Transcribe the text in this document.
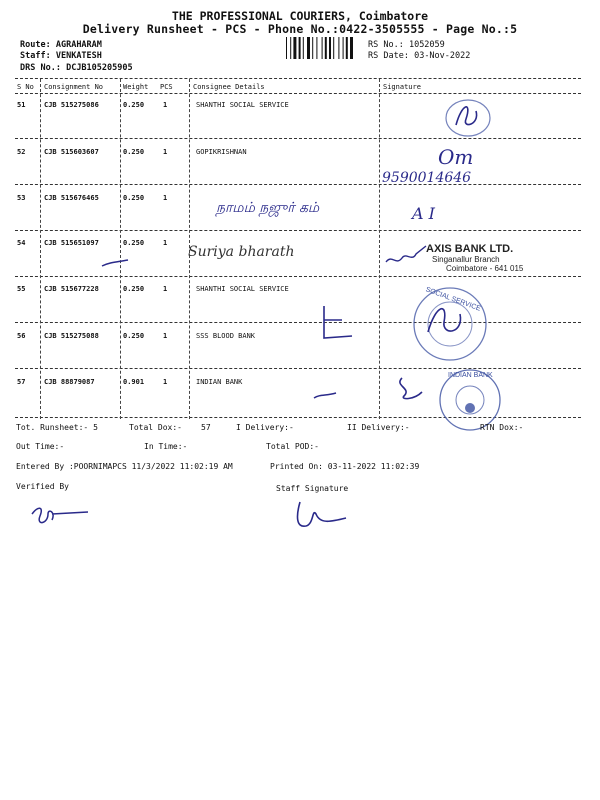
THE PROFESSIONAL COURIERS, Coimbatore
Delivery Runsheet - PCS - Phone No.:0422-3505555 - Page No.:5
Route: AGRAHARAM
Staff: VENKATESH
DRS No.: DCJB105205905
RS No.: 1052059
RS Date: 03-Nov-2022
S No Consignment No	Weight PCS	Consignee Details	Signature
51	CJB 515275086	0.250	1	SHANTHI SOCIAL SERVICE
52	CJB 515603607	0.250	1	GOPIKRISHNAN
53	CJB 515676465	0.250	1
54	CJB 515651097	0.250	1
55	CJB 515677228	0.250	1	SHANTHI SOCIAL SERVICE
56	CJB 515275088	0.250	1	SSS BLOOD BANK
57	CJB 88879087	0.901	1	INDIAN BANK
Om
9590014646
நாமம் நஜுர் கம்	A I
Suriya bharath	AXIS BANK LTD.
Singanallur Branch
Coimbatore - 641 015
SOCIAL SERVICE
INDIAN BANK
Tot. Runsheet:- 5	Total Dox:- 57	I Delivery:-	II Delivery:-	RTN Dox:-
Out Time:-	In Time:-	Total POD:-
Entered By :POORNIMAPCS 11/3/2022 11:02:19 AM	Printed On: 03-11-2022 11:02:39
Verified By	Staff Signature
